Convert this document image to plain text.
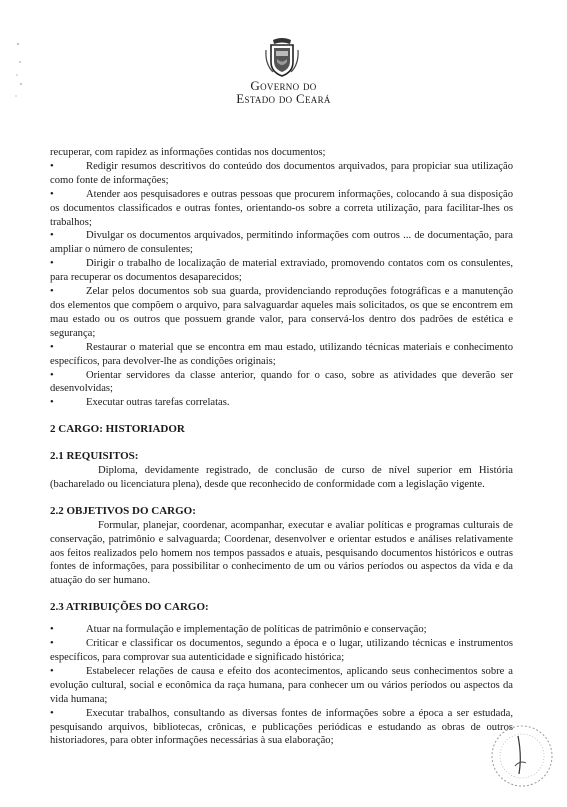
Governo do
Estado do Ceará

recuperar, com rapidez as informações contidas nos documentos;

•	Redigir resumos descritivos do conteúdo dos documentos arquivados, para propiciar sua utilização como fonte de informações;

•	Atender aos pesquisadores e outras pessoas que procurem informações, colocando à sua disposição os documentos classificados e outras fontes, orientando-os sobre a correta utilização, para facilitar-lhes os trabalhos;

•	Divulgar os documentos arquivados, permitindo informações com outros ... de documentação, para ampliar o número de consulentes;

•	Dirigir o trabalho de localização de material extraviado, promovendo contatos com os consulentes, para recuperar os documentos desaparecidos;

•	Zelar pelos documentos sob sua guarda, providenciando reproduções fotográficas e a manutenção dos elementos que compõem o arquivo, para salvaguardar aqueles mais solicitados, os que se encontrem em mau estado ou os outros que possuem grande valor, para conservá-los dentro dos padrões de estética e segurança;

•	Restaurar o material que se encontra em mau estado, utilizando técnicas materiais e conhecimento específicos, para devolver-lhe as condições originais;

•	Orientar servidores da classe anterior, quando for o caso, sobre as atividades que deverão ser desenvolvidas;

•	Executar outras tarefas correlatas.

2 CARGO: HISTORIADOR

2.1 REQUISITOS:

Diploma, devidamente registrado, de conclusão de curso de nível superior em História (bacharelado ou licenciatura plena), desde que reconhecido de conformidade com a legislação vigente.

2.2 OBJETIVOS DO CARGO:

Formular, planejar, coordenar, acompanhar, executar e avaliar políticas e programas culturais de conservação, patrimônio e salvaguarda; Coordenar, desenvolver e orientar estudos e análises relativamente aos feitos realizados pelo homem nos tempos passados e atuais, pesquisando documentos históricos e outras fontes de informações, para possibilitar o conhecimento de um ou vários períodos ou aspectos da vida e da atuação do ser humano.

2.3 ATRIBUIÇÕES DO CARGO:

•	Atuar na formulação e implementação de políticas de patrimônio e conservação;

•	Criticar e classificar os documentos, segundo a época e o lugar, utilizando técnicas e instrumentos específicos, para comprovar sua autenticidade e significado histórica;

•	Estabelecer relações de causa e efeito dos acontecimentos, aplicando seus conhecimentos sobre a evolução cultural, social e econômica da raça humana, para conhecer um ou vários períodos ou aspectos da vida humana;

•	Executar trabalhos, consultando as diversas fontes de informações sobre a época a ser estudada, pesquisando arquivos, bibliotecas, crônicas, e publicações periódicas e estudando as obras de outros historiadores, para obter informações necessárias à sua elaboração;
